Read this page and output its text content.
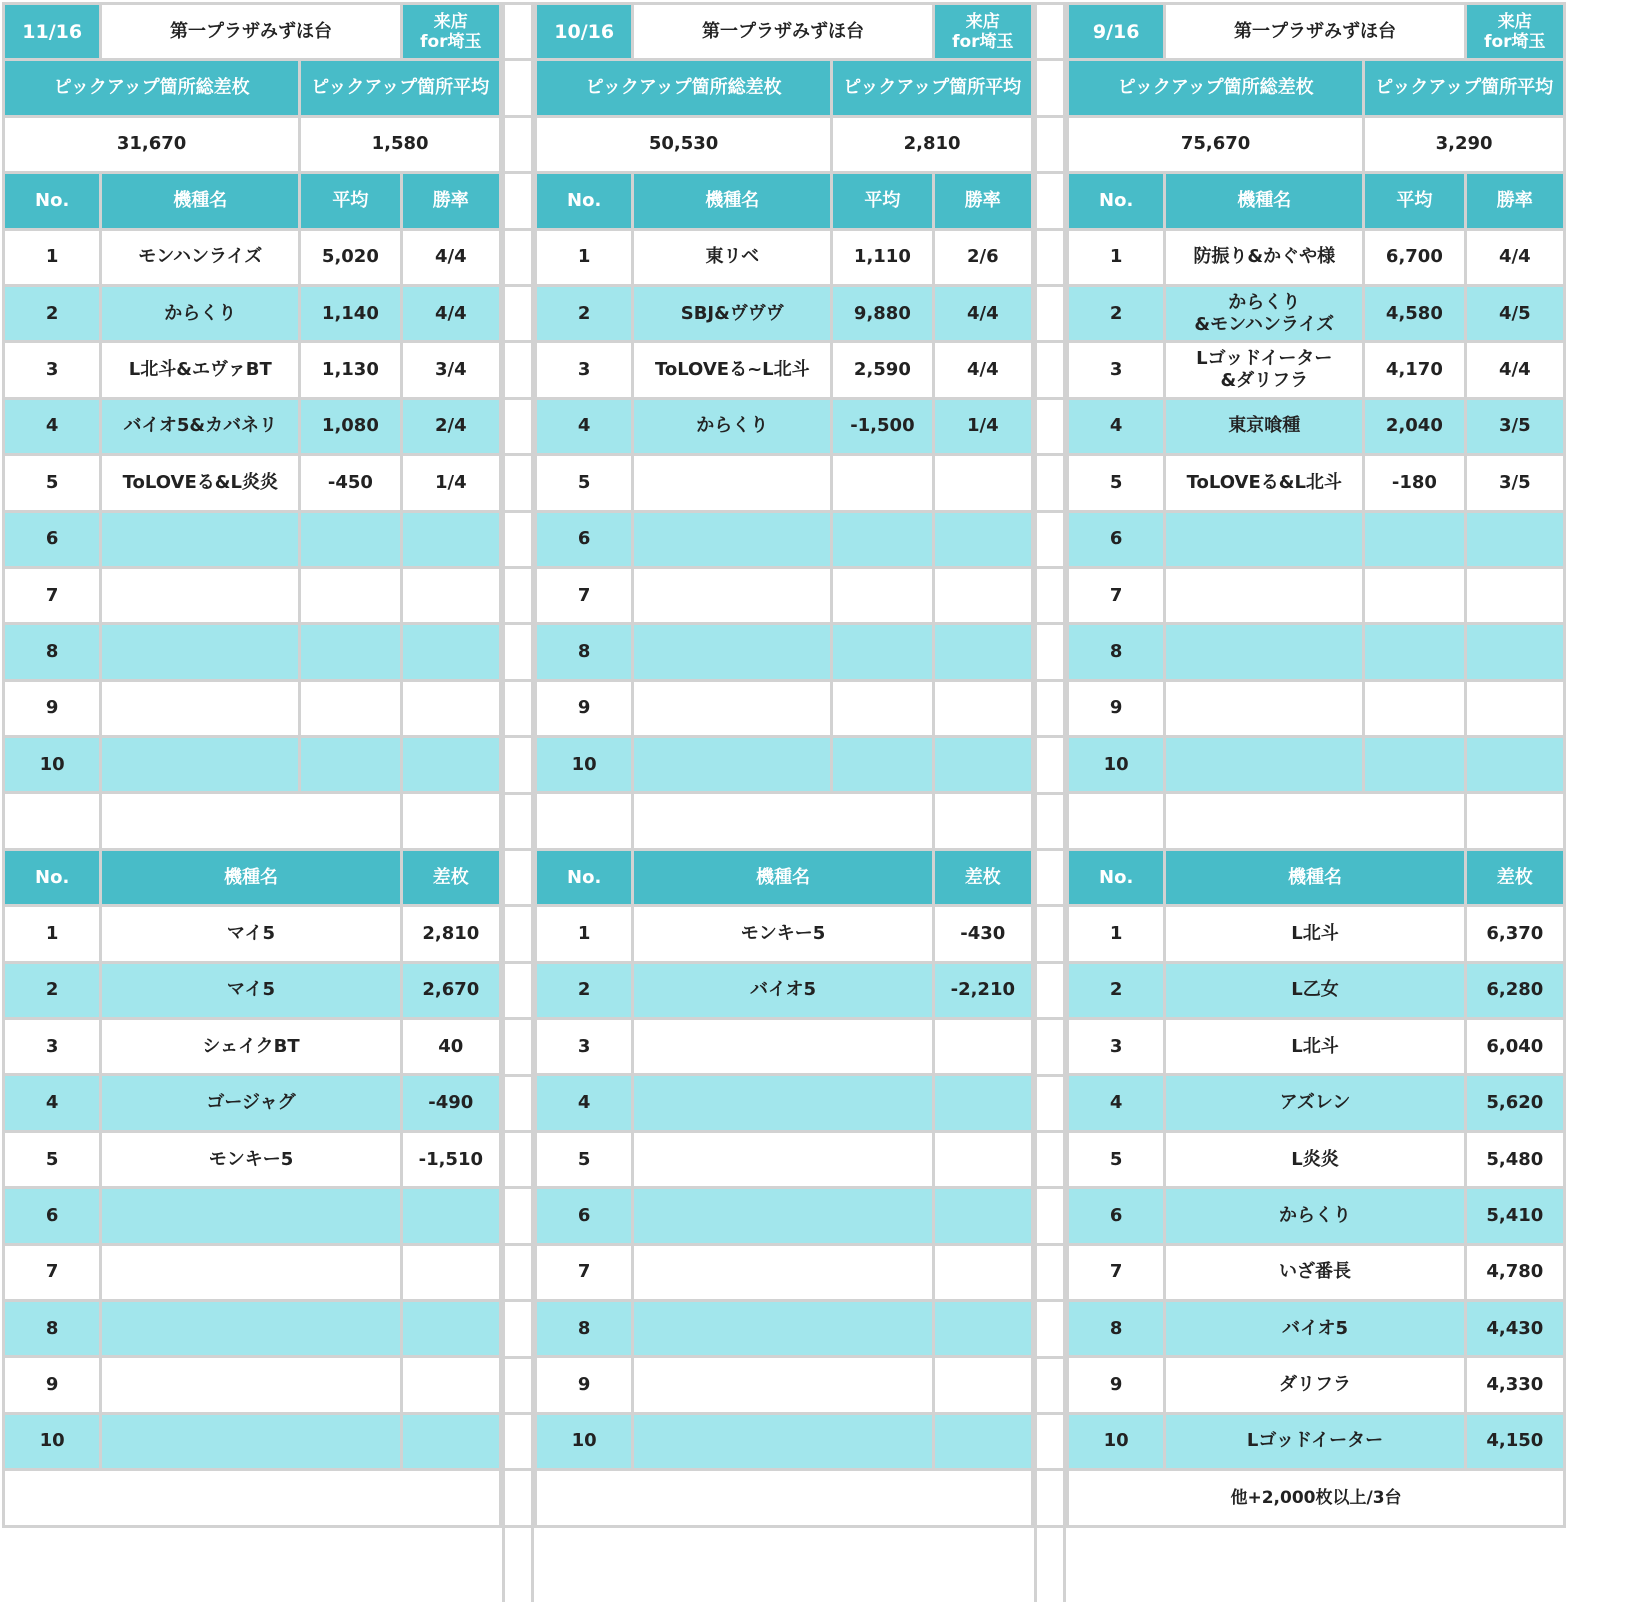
11/16	第一プラザみずほ台		来店
for埼玉

ピックアップ箇所総差枚		ピックアップ箇所平均	
31,670		1,580	
No.	機種名	平均	勝率
1	モンハンライズ	5,020	4/4
2	からくり	1,140	4/4
3	L北斗&エヴァBT	1,130	3/4
4	バイオ5&カバネリ	1,080	2/4
5	ToLOVEる&L炎炎	-450	1/4
6			
7			
8			
9			
10			

No.	機種名		差枚
1	マイ5		2,810
2	マイ5		2,670
3	シェイクBT		40
4	ゴージャグ		-490
5	モンキー5		-1,510
6			
7			
8			
9			
10			

10/16	第一プラザみずほ台		来店
for埼玉

ピックアップ箇所総差枚		ピックアップ箇所平均	
50,530		2,810	
No.	機種名	平均	勝率
1	東リベ	1,110	2/6
2	SBJ&ヴヴヴ	9,880	4/4
3	ToLOVEる~L北斗	2,590	4/4
4	からくり	-1,500	1/4
5			
6			
7			
8			
9			
10			

No.	機種名		差枚
1	モンキー5		-430
2	バイオ5		-2,210
3			
4			
5			
6			
7			
8			
9			
10			

9/16	第一プラザみずほ台		来店
for埼玉

ピックアップ箇所総差枚		ピックアップ箇所平均	
75,670		3,290	
No.	機種名	平均	勝率
1	防振り&かぐや様	6,700	4/4
2	からくり
&モンハンライズ	4,580	4/5
3	Lゴッドイーター
&ダリフラ	4,170	4/4
4	東京喰種	2,040	3/5
5	ToLOVEる&L北斗	-180	3/5
6			
7			
8			
9			
10			

No.	機種名		差枚
1	L北斗		6,370
2	L乙女		6,280
3	L北斗		6,040
4	アズレン		5,620
5	L炎炎		5,480
6	からくり		5,410
7	いざ番長		4,780
8	バイオ5		4,430
9	ダリフラ		4,330
10	Lゴッドイーター		4,150
他+2,000枚以上/3台			
